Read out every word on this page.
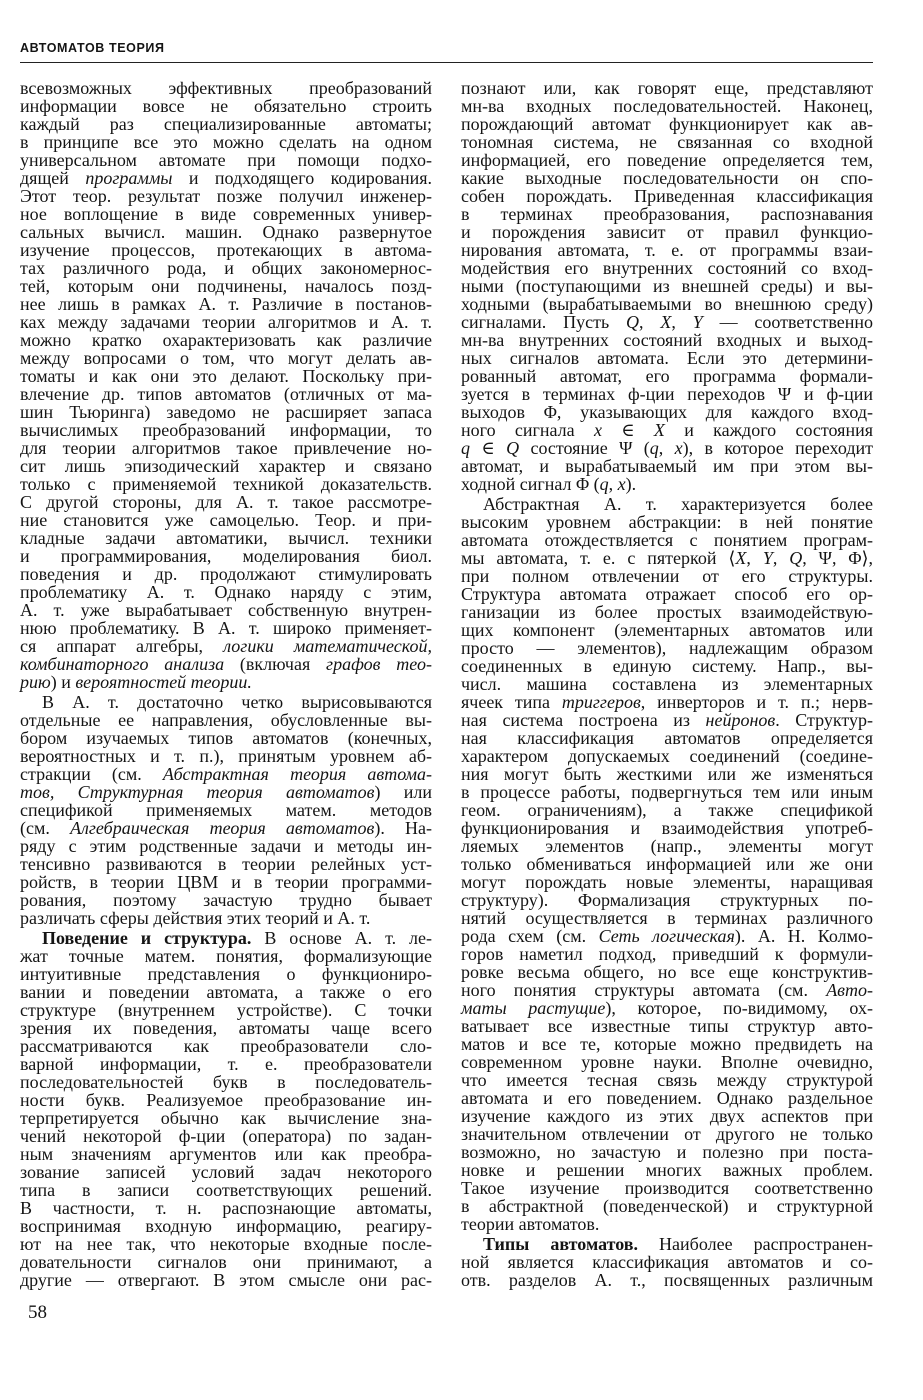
АВТОМАТОВ ТЕОРИЯ
всевозможных эффективных преобразований
информации вовсе не обязательно строить
каждый раз специализированные автоматы;
в принципе все это можно сделать на одном
универсальном автомате при помощи подхо-
дящей программы и подходящего кодирования.
Этот теор. результат позже получил инженер-
ное воплощение в виде современных универ-
сальных вычисл. машин. Однако развернутое
изучение процессов, протекающих в автома-
тах различного рода, и общих закономернос-
тей, которым они подчинены, началось позд-
нее лишь в рамках А. т. Различие в постанов-
ках между задачами теории алгоритмов и А. т.
можно кратко охарактеризовать как различие
между вопросами о том, что могут делать ав-
томаты и как они это делают. Поскольку при-
влечение др. типов автоматов (отличных от ма-
шин Тьюринга) заведомо не расширяет запаса
вычислимых преобразований информации, то
для теории алгоритмов такое привлечение но-
сит лишь эпизодический характер и связано
только с применяемой техникой доказательств.
С другой стороны, для А. т. такое рассмотре-
ние становится уже самоцелью. Теор. и при-
кладные задачи автоматики, вычисл. техники
и программирования, моделирования биол.
поведения и др. продолжают стимулировать
проблематику А. т. Однако наряду с этим,
А. т. уже вырабатывает собственную внутрен-
нюю проблематику. В А. т. широко применяет-
ся аппарат алгебры, логики математической,
комбинаторного анализа (включая графов тео-
рию) и вероятностей теории.
В А. т. достаточно четко вырисовываются
отдельные ее направления, обусловленные вы-
бором изучаемых типов автоматов (конечных,
вероятностных и т. п.), принятым уровнем аб-
стракции (см. Абстрактная теория автома-
тов, Структурная теория автоматов) или
спецификой применяемых матем. методов
(см. Алгебраическая теория автоматов). На-
ряду с этим родственные задачи и методы ин-
тенсивно развиваются в теории релейных уст-
ройств, в теории ЦВМ и в теории программи-
рования, поэтому зачастую трудно бывает
различать сферы действия этих теорий и А. т.
Поведение и структура. В основе А. т. ле-
жат точные матем. понятия, формализующие
интуитивные представления о функциониро-
вании и поведении автомата, а также о его
структуре (внутреннем устройстве). С точки
зрения их поведения, автоматы чаще всего
рассматриваются как преобразователи сло-
варной информации, т. е. преобразователи
последовательностей букв в последователь-
ности букв. Реализуемое преобразование ин-
терпретируется обычно как вычисление зна-
чений некоторой ф-ции (оператора) по задан-
ным значениям аргументов или как преобра-
зование записей условий задач некоторого
типа в записи соответствующих решений.
В частности, т. н. распознающие автоматы,
воспринимая входную информацию, реагиру-
ют на нее так, что некоторые входные после-
довательности сигналов они принимают, а
другие — отвергают. В этом смысле они рас-
познают или, как говорят еще, представляют
мн-ва входных последовательностей. Наконец,
порождающий автомат функционирует как ав-
тономная система, не связанная со входной
информацией, его поведение определяется тем,
какие выходные последовательности он спо-
собен порождать. Приведенная классификация
в терминах преобразования, распознавания
и порождения зависит от правил функцио-
нирования автомата, т. е. от программы взаи-
модействия его внутренних состояний со вход-
ными (поступающими из внешней среды) и вы-
ходными (вырабатываемыми во внешнюю среду)
сигналами. Пусть Q, X, Y — соответственно
мн-ва внутренних состояний входных и выход-
ных сигналов автомата. Если это детермини-
рованный автомат, его программа формали-
зуется в терминах ф-ции переходов Ψ и ф-ции
выходов Φ, указывающих для каждого вход-
ного сигнала x ∈ X и каждого состояния
q ∈ Q состояние Ψ (q, x), в которое переходит
автомат, и вырабатываемый им при этом вы-
ходной сигнал Φ (q, x).
Абстрактная А. т. характеризуется более
высоким уровнем абстракции: в ней понятие
автомата отождествляется с понятием програм-
мы автомата, т. е. с пятеркой ⟨X, Y, Q, Ψ, Φ⟩,
при полном отвлечении от его структуры.
Структура автомата отражает способ его ор-
ганизации из более простых взаимодействую-
щих компонент (элементарных автоматов или
просто — элементов), надлежащим образом
соединенных в единую систему. Напр., вы-
числ. машина составлена из элементарных
ячеек типа триггеров, инверторов и т. п.; нерв-
ная система построена из нейронов. Структур-
ная классификация автоматов определяется
характером допускаемых соединений (соедине-
ния могут быть жесткими или же изменяться
в процессе работы, подвергнуться тем или иным
геом. ограничениям), а также спецификой
функционирования и взаимодействия употреб-
ляемых элементов (напр., элементы могут
только обмениваться информацией или же они
могут порождать новые элементы, наращивая
структуру). Формализация структурных по-
нятий осуществляется в терминах различного
рода схем (см. Сеть логическая). А. Н. Колмо-
горов наметил подход, приведший к формули-
ровке весьма общего, но все еще конструктив-
ного понятия структуры автомата (см. Авто-
маты растущие), которое, по-видимому, ох-
ватывает все известные типы структур авто-
матов и все те, которые можно предвидеть на
современном уровне науки. Вполне очевидно,
что имеется тесная связь между структурой
автомата и его поведением. Однако раздельное
изучение каждого из этих двух аспектов при
значительном отвлечении от другого не только
возможно, но зачастую и полезно при поста-
новке и решении многих важных проблем.
Такое изучение производится соответственно
в абстрактной (поведенческой) и структурной
теории автоматов.
Типы автоматов. Наиболее распространен-
ной является классификация автоматов и со-
отв. разделов А. т., посвященных различным
58
